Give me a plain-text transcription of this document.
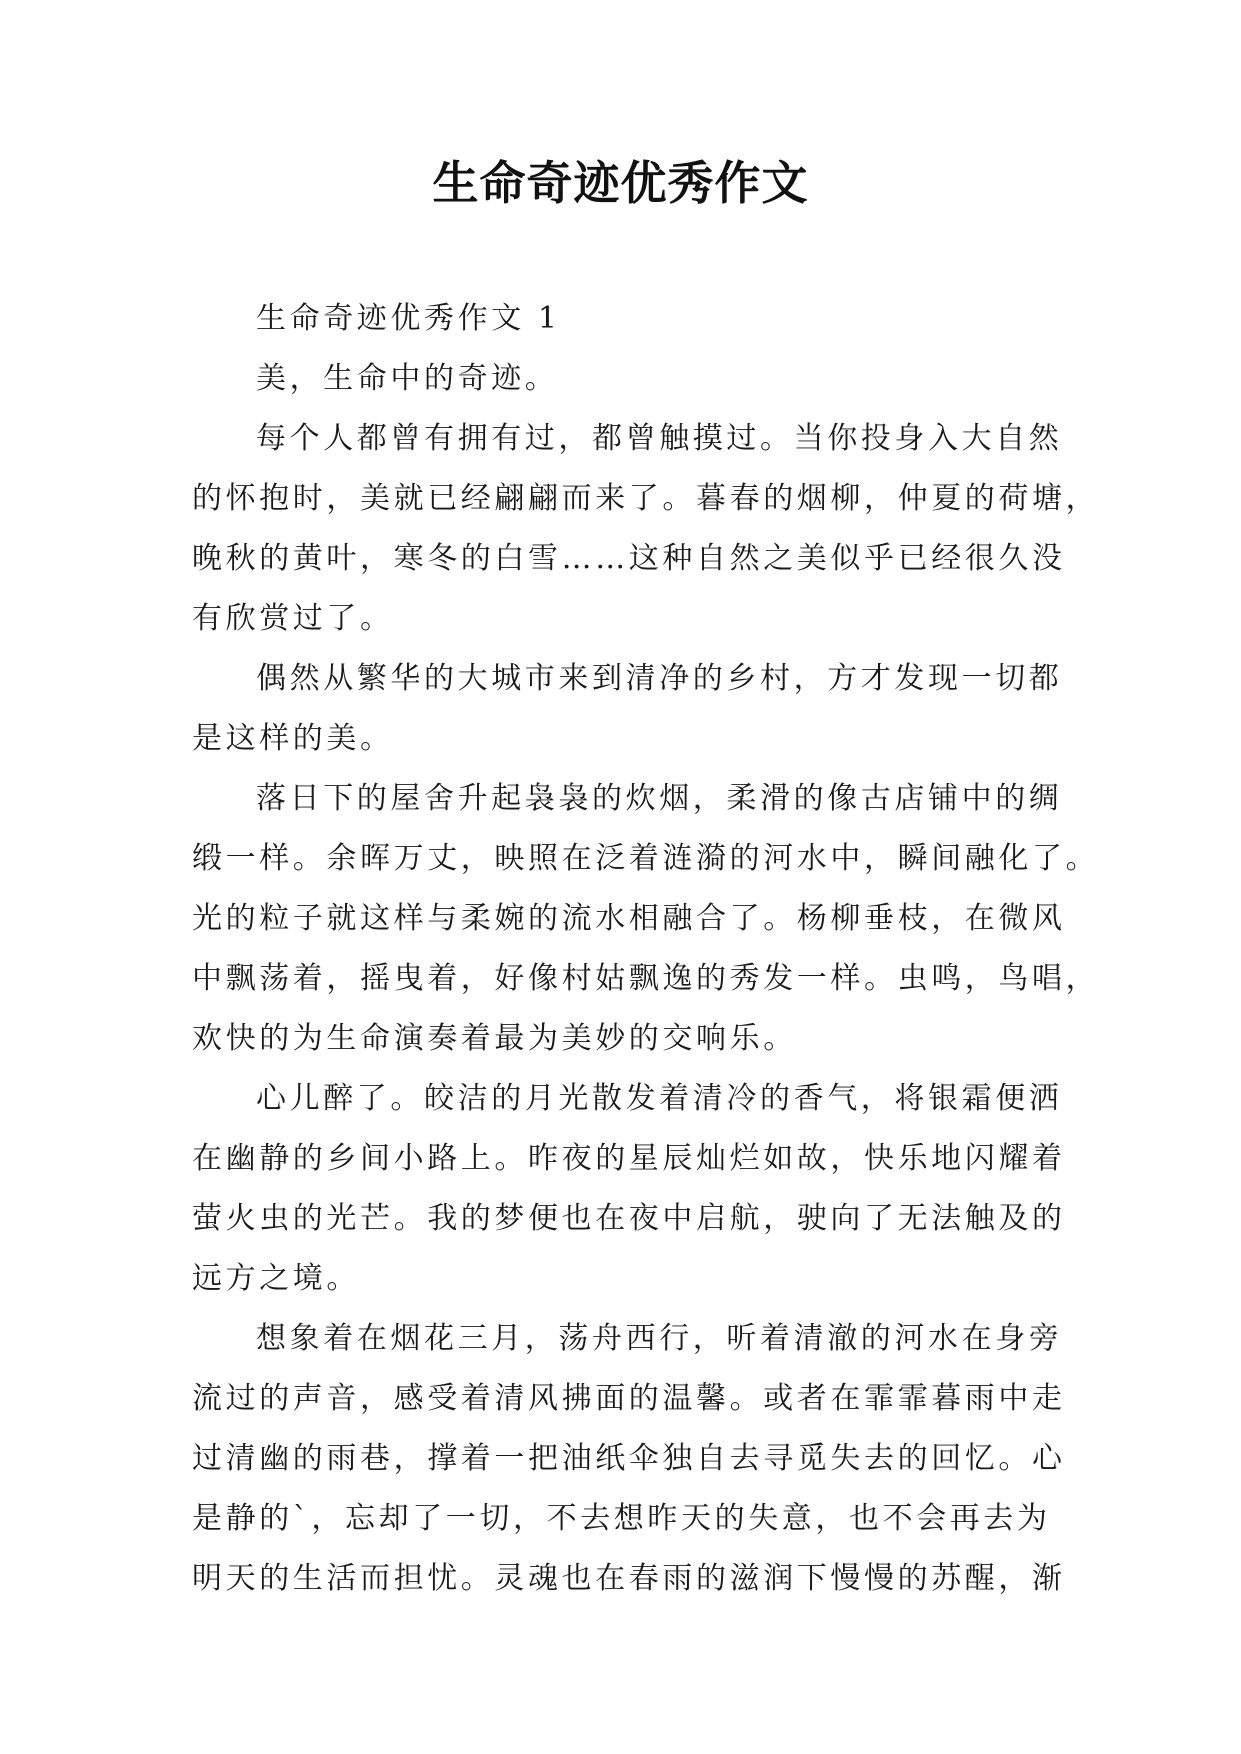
生命奇迹优秀作文
生命奇迹优秀作文 1
美，生命中的奇迹。
每个人都曾有拥有过，都曾触摸过。当你投身入大自然
的怀抱时，美就已经翩翩而来了。暮春的烟柳，仲夏的荷塘，
晚秋的黄叶，寒冬的白雪……这种自然之美似乎已经很久没
有欣赏过了。
偶然从繁华的大城市来到清净的乡村，方才发现一切都
是这样的美。
落日下的屋舍升起袅袅的炊烟，柔滑的像古店铺中的绸
缎一样。余晖万丈，映照在泛着涟漪的河水中，瞬间融化了。
光的粒子就这样与柔婉的流水相融合了。杨柳垂枝，在微风
中飘荡着，摇曳着，好像村姑飘逸的秀发一样。虫鸣，鸟唱，
欢快的为生命演奏着最为美妙的交响乐。
心儿醉了。皎洁的月光散发着清冷的香气，将银霜便洒
在幽静的乡间小路上。昨夜的星辰灿烂如故，快乐地闪耀着
萤火虫的光芒。我的梦便也在夜中启航，驶向了无法触及的
远方之境。
想象着在烟花三月，荡舟西行，听着清澈的河水在身旁
流过的声音，感受着清风拂面的温馨。或者在霏霏暮雨中走
过清幽的雨巷，撑着一把油纸伞独自去寻觅失去的回忆。心
是静的`，忘却了一切，不去想昨天的失意，也不会再去为
明天的生活而担忧。灵魂也在春雨的滋润下慢慢的苏醒，渐
